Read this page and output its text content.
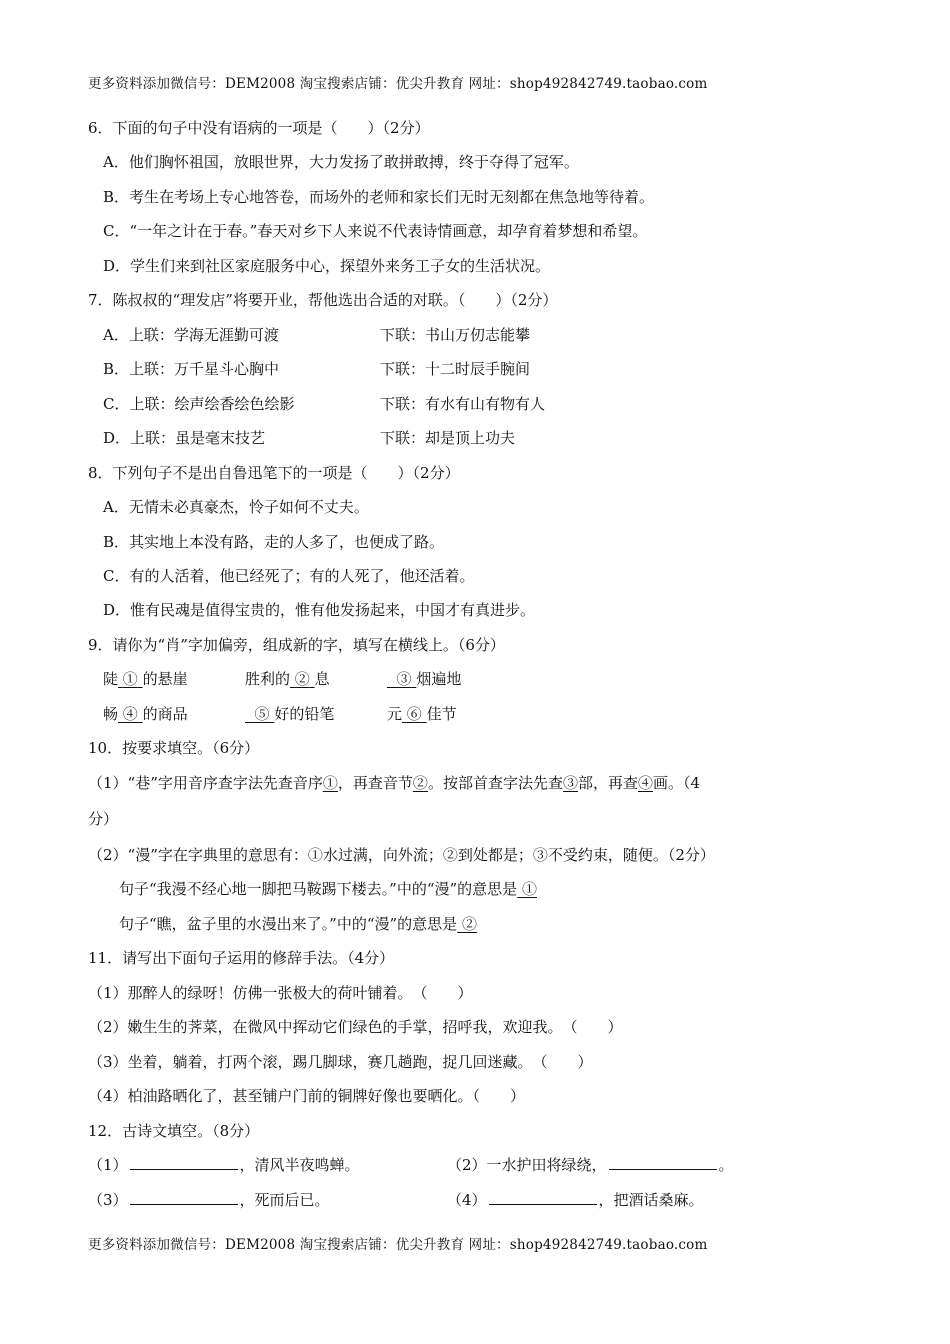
更多资料添加微信号：DEM2008 淘宝搜索店铺：优尖升教育 网址：shop492842749.taobao.com
6．下面的句子中没有语病的一项是（　　）（2分）
A．他们胸怀祖国，放眼世界，大力发扬了敢拼敢搏，终于夺得了冠军。
B．考生在考场上专心地答卷，而场外的老师和家长们无时无刻都在焦急地等待着。
C．“一年之计在于春。”春天对乡下人来说不代表诗情画意，却孕育着梦想和希望。
D．学生们来到社区家庭服务中心，探望外来务工子女的生活状况。
7．陈叔叔的“理发店”将要开业，帮他选出合适的对联。（　　）（2分）
A．上联：学海无涯勤可渡	下联：书山万仞志能攀
B．上联：万千星斗心胸中	下联：十二时辰手腕间
C．上联：绘声绘香绘色绘影	下联：有水有山有物有人
D．上联：虽是毫末技艺	下联：却是顶上功夫
8．下列句子不是出自鲁迅笔下的一项是（　　）（2分）
A．无情未必真豪杰，怜子如何不丈夫。
B．其实地上本没有路，走的人多了，也便成了路。
C．有的人活着，他已经死了；有的人死了，他还活着。
D．惟有民魂是值得宝贵的，惟有他发扬起来，中国才有真进步。
9．请你为“肖”字加偏旁，组成新的字，填写在横线上。（6分）
陡 ① 的悬崖	胜利的 ② 息	③ 烟遍地
畅 ④ 的商品	⑤ 好的铅笔	元 ⑥ 佳节
10．按要求填空。（6分）
（1）“巷”字用音序查字法先查音序①，再查音节②。按部首查字法先查③部，再查④画。（4
分）
（2）“漫”字在字典里的意思有：①水过满，向外流；②到处都是；③不受约束，随便。（2分）
句子“我漫不经心地一脚把马鞍踢下楼去。”中的“漫”的意思是 ①
句子“瞧，盆子里的水漫出来了。”中的“漫”的意思是 ②
11．请写出下面句子运用的修辞手法。（4分）
（1）那醉人的绿呀！仿佛一张极大的荷叶铺着。　（　　）
（2）嫩生生的荠菜，在微风中挥动它们绿色的手掌，招呼我，欢迎我。　（　　）
（3）坐着，躺着，打两个滚，踢几脚球，赛几趟跑，捉几回迷藏。　（　　）
（4）柏油路晒化了，甚至铺户门前的铜牌好像也要晒化。（　　）
12．古诗文填空。（8分）
（1）	，清风半夜鸣蝉。	（2）一水护田将绿绕，	。
（3）	，死而后已。	（4）	，把酒话桑麻。
更多资料添加微信号：DEM2008 淘宝搜索店铺：优尖升教育 网址：shop492842749.taobao.com
